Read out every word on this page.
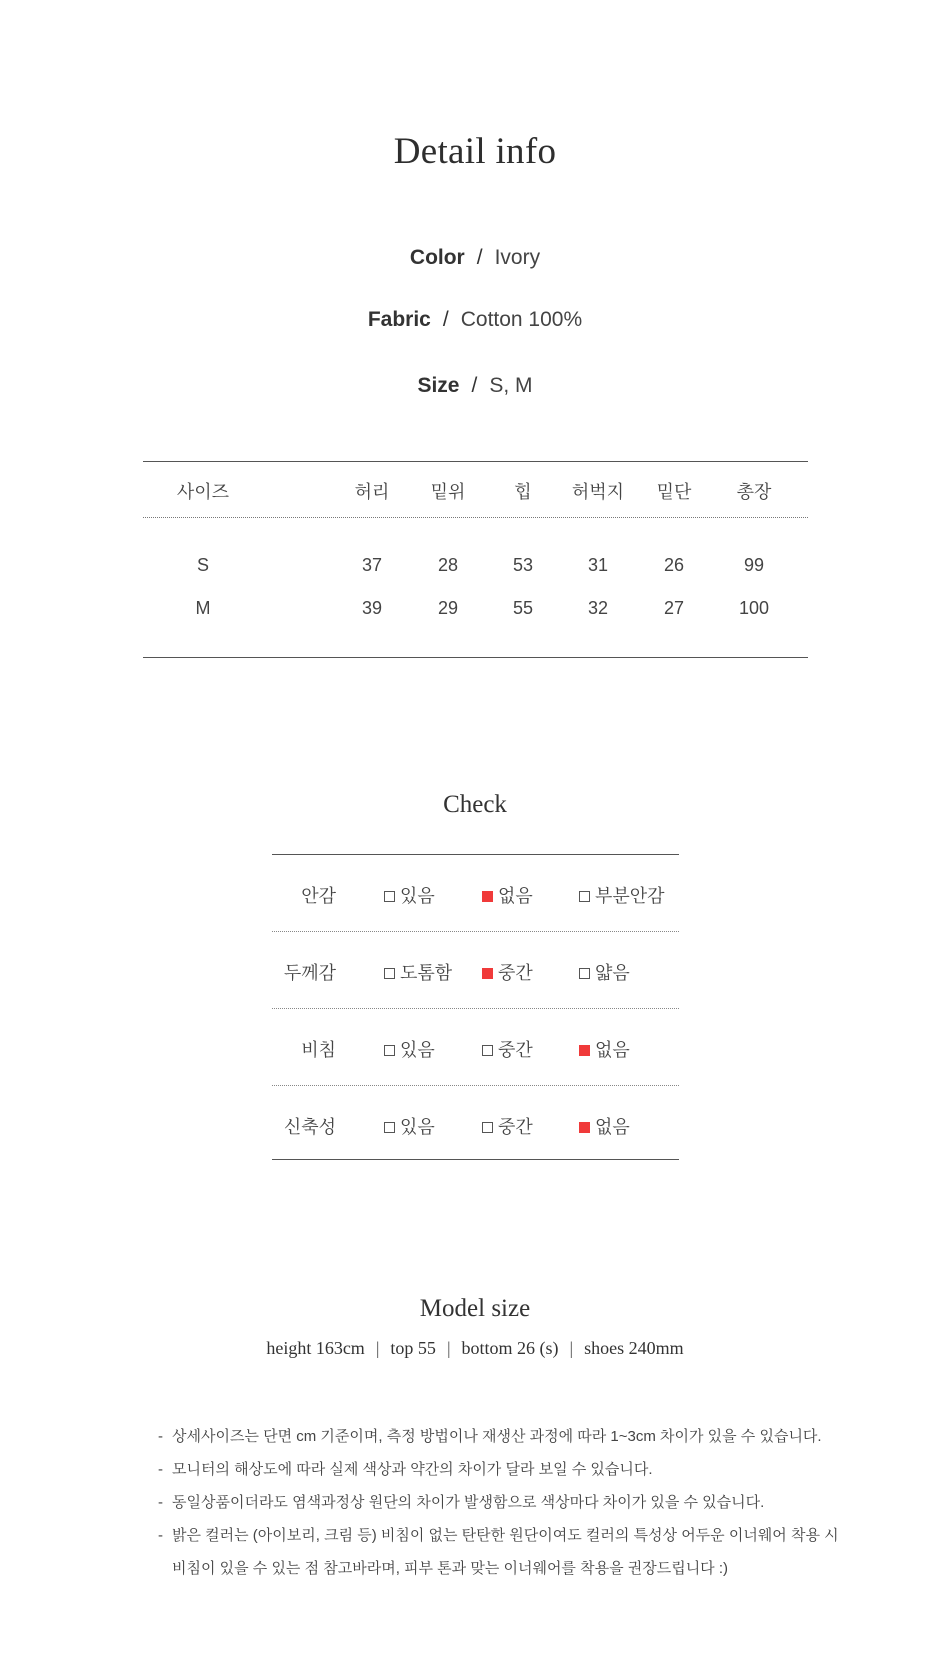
Detail info
Color / Ivory
Fabric / Cotton 100%
Size / S, M
사이즈	허리	밑위	힙	허벅지	밑단	총장
S	37	28	53	31	26	99
M	39	29	55	32	27	100
Check
안감	있음	없음	부분안감
두께감	도톰함	중간	얇음
비침	있음	중간	없음
신축성	있음	중간	없음
Model size
height 163cm | top 55 | bottom 26 (s) | shoes 240mm
- 상세사이즈는 단면 cm 기준이며, 측정 방법이나 재생산 과정에 따라 1~3cm 차이가 있을 수 있습니다.
- 모니터의 해상도에 따라 실제 색상과 약간의 차이가 달라 보일 수 있습니다.
- 동일상품이더라도 염색과정상 원단의 차이가 발생함으로 색상마다 차이가 있을 수 있습니다.
- 밝은 컬러는 (아이보리, 크림 등) 비침이 없는 탄탄한 원단이여도 컬러의 특성상 어두운 이너웨어 착용 시
비침이 있을 수 있는 점 참고바라며, 피부 톤과 맞는 이너웨어를 착용을 권장드립니다 :)
